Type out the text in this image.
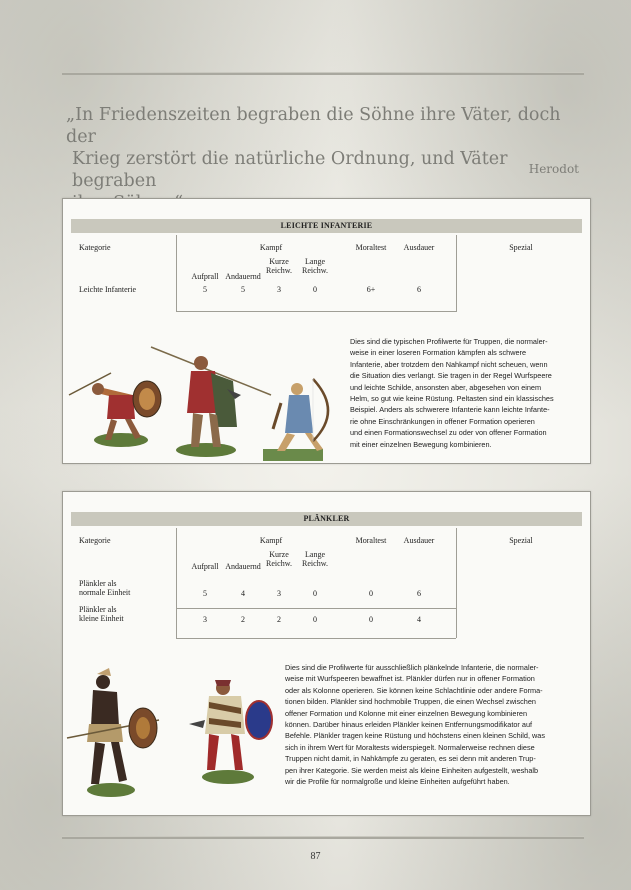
„In Friedenszeiten begraben die Söhne ihre Väter, doch der
Krieg zerstört die natürliche Ordnung, und Väter begraben
Herodot
LEICHTE INFANTERIE
Kategorie	Kampf	Moraltest	Ausdauer	Spezial
Aufprall Andauernd
Kurze
Reichw.
Lange
Reichw.
Leichte Infanterie	5	5	3	0	6+	6
Dies sind die typischen Profilwerte für Truppen, die normaler-
weise in einer loseren Formation kämpfen als schwere
Infanterie, aber trotzdem den Nahkampf nicht scheuen, wenn
die Situation dies verlangt. Sie tragen in der Regel Wurfspeere
und leichte Schilde, ansonsten aber, abgesehen von einem
Helm, so gut wie keine Rüstung. Peltasten sind ein klassisches
Beispiel. Anders als schwerere Infanterie kann leichte Infante-
rie ohne Einschränkungen in offener Formation operieren
und einen Formationswechsel zu oder von offener Formation
mit einer einzelnen Bewegung kombinieren.
PLÄNKLER
Kategorie	Kampf	Moraltest	Ausdauer	Spezial
Aufprall Andauernd
Kurze
Reichw.
Lange
Reichw.
Plänkler als
normale Einheit	5	4	3	0	0	6
Plänkler als
kleine Einheit	3	2	2	0	0	4
Dies sind die Profilwerte für ausschließlich plänkelnde Infanterie, die normaler-
weise mit Wurfspeeren bewaffnet ist. Plänkler dürfen nur in offener Formation
oder als Kolonne operieren. Sie können keine Schlachtlinie oder andere Forma-
tionen bilden. Plänkler sind hochmobile Truppen, die einen Wechsel zwischen
offener Formation und Kolonne mit einer einzelnen Bewegung kombinieren
können. Darüber hinaus erleiden Plänkler keinen Entfernungsmodifikator auf
Befehle. Plänkler tragen keine Rüstung und höchstens einen kleinen Schild, was
sich in ihrem Wert für Moraltests widerspiegelt. Normalerweise rechnen diese
Truppen nicht damit, in Nahkämpfe zu geraten, es sei denn mit anderen Trup-
pen ihrer Kategorie. Sie werden meist als kleine Einheiten aufgestellt, weshalb
wir die Profile für normalgroße und kleine Einheiten aufgeführt haben.
87
